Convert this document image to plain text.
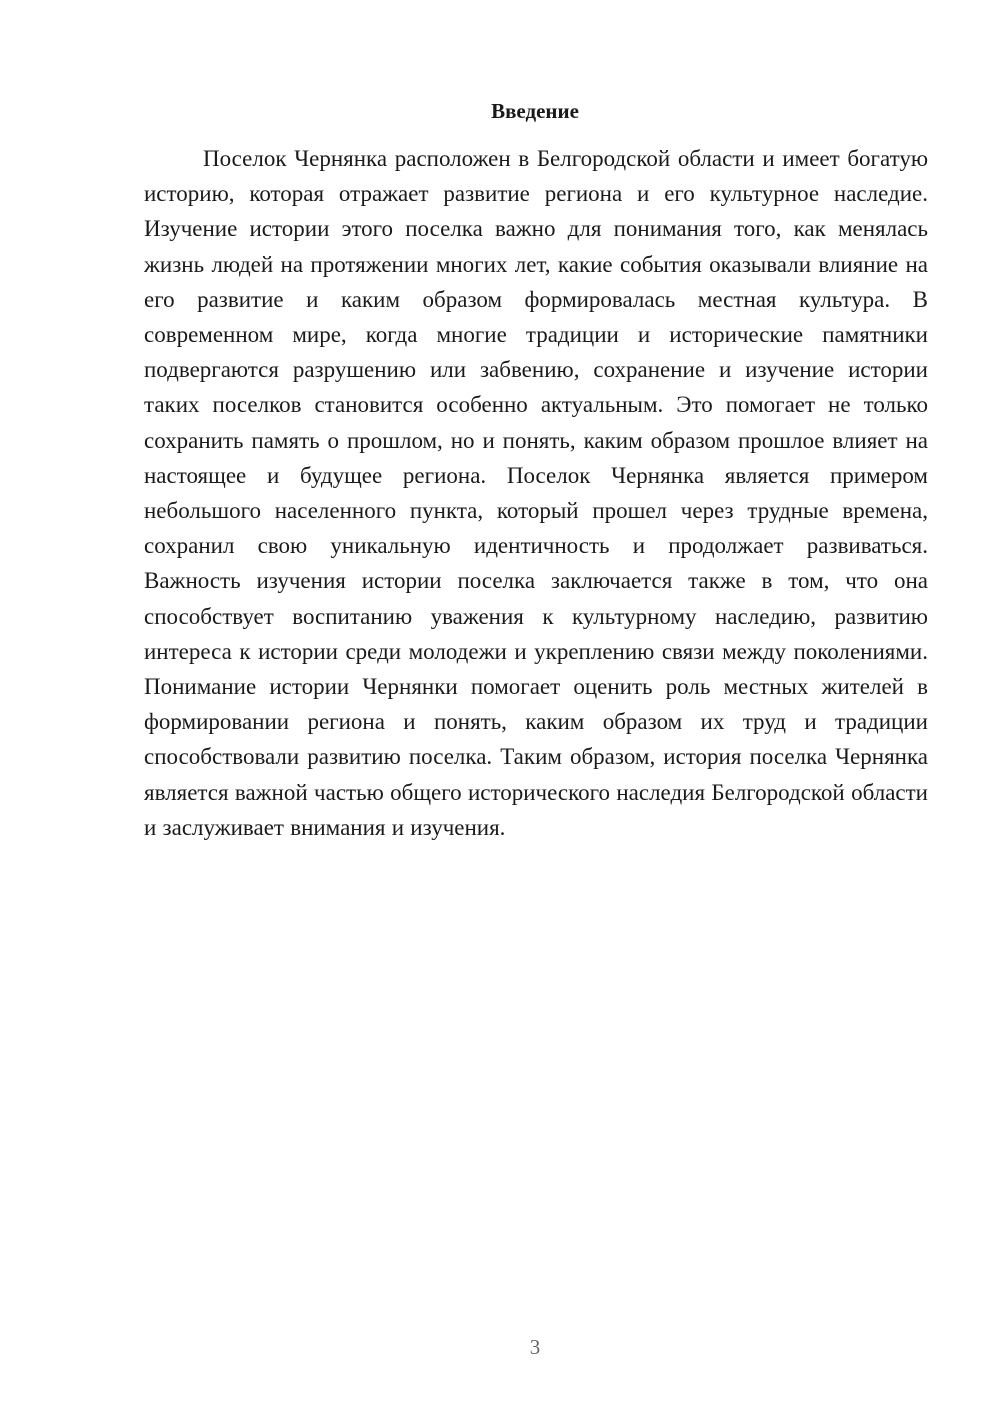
Введение

Поселок Чернянка расположен в Белгородской области и имеет богатую историю, которая отражает развитие региона и его культурное наследие. Изучение истории этого поселка важно для понимания того, как менялась жизнь людей на протяжении многих лет, какие события оказывали влияние на его развитие и каким образом формировалась местная культура. В современном мире, когда многие традиции и исторические памятники подвергаются разрушению или забвению, сохранение и изучение истории таких поселков становится особенно актуальным. Это помогает не только сохранить память о прошлом, но и понять, каким образом прошлое влияет на настоящее и будущее региона. Поселок Чернянка является примером небольшого населенного пункта, который прошел через трудные времена, сохранил свою уникальную идентичность и продолжает развиваться. Важность изучения истории поселка заключается также в том, что она способствует воспитанию уважения к культурному наследию, развитию интереса к истории среди молодежи и укреплению связи между поколениями. Понимание истории Чернянки помогает оценить роль местных жителей в формировании региона и понять, каким образом их труд и традиции способствовали развитию поселка. Таким образом, история поселка Чернянка является важной частью общего исторического наследия Белгородской области и заслуживает внимания и изучения.

3
